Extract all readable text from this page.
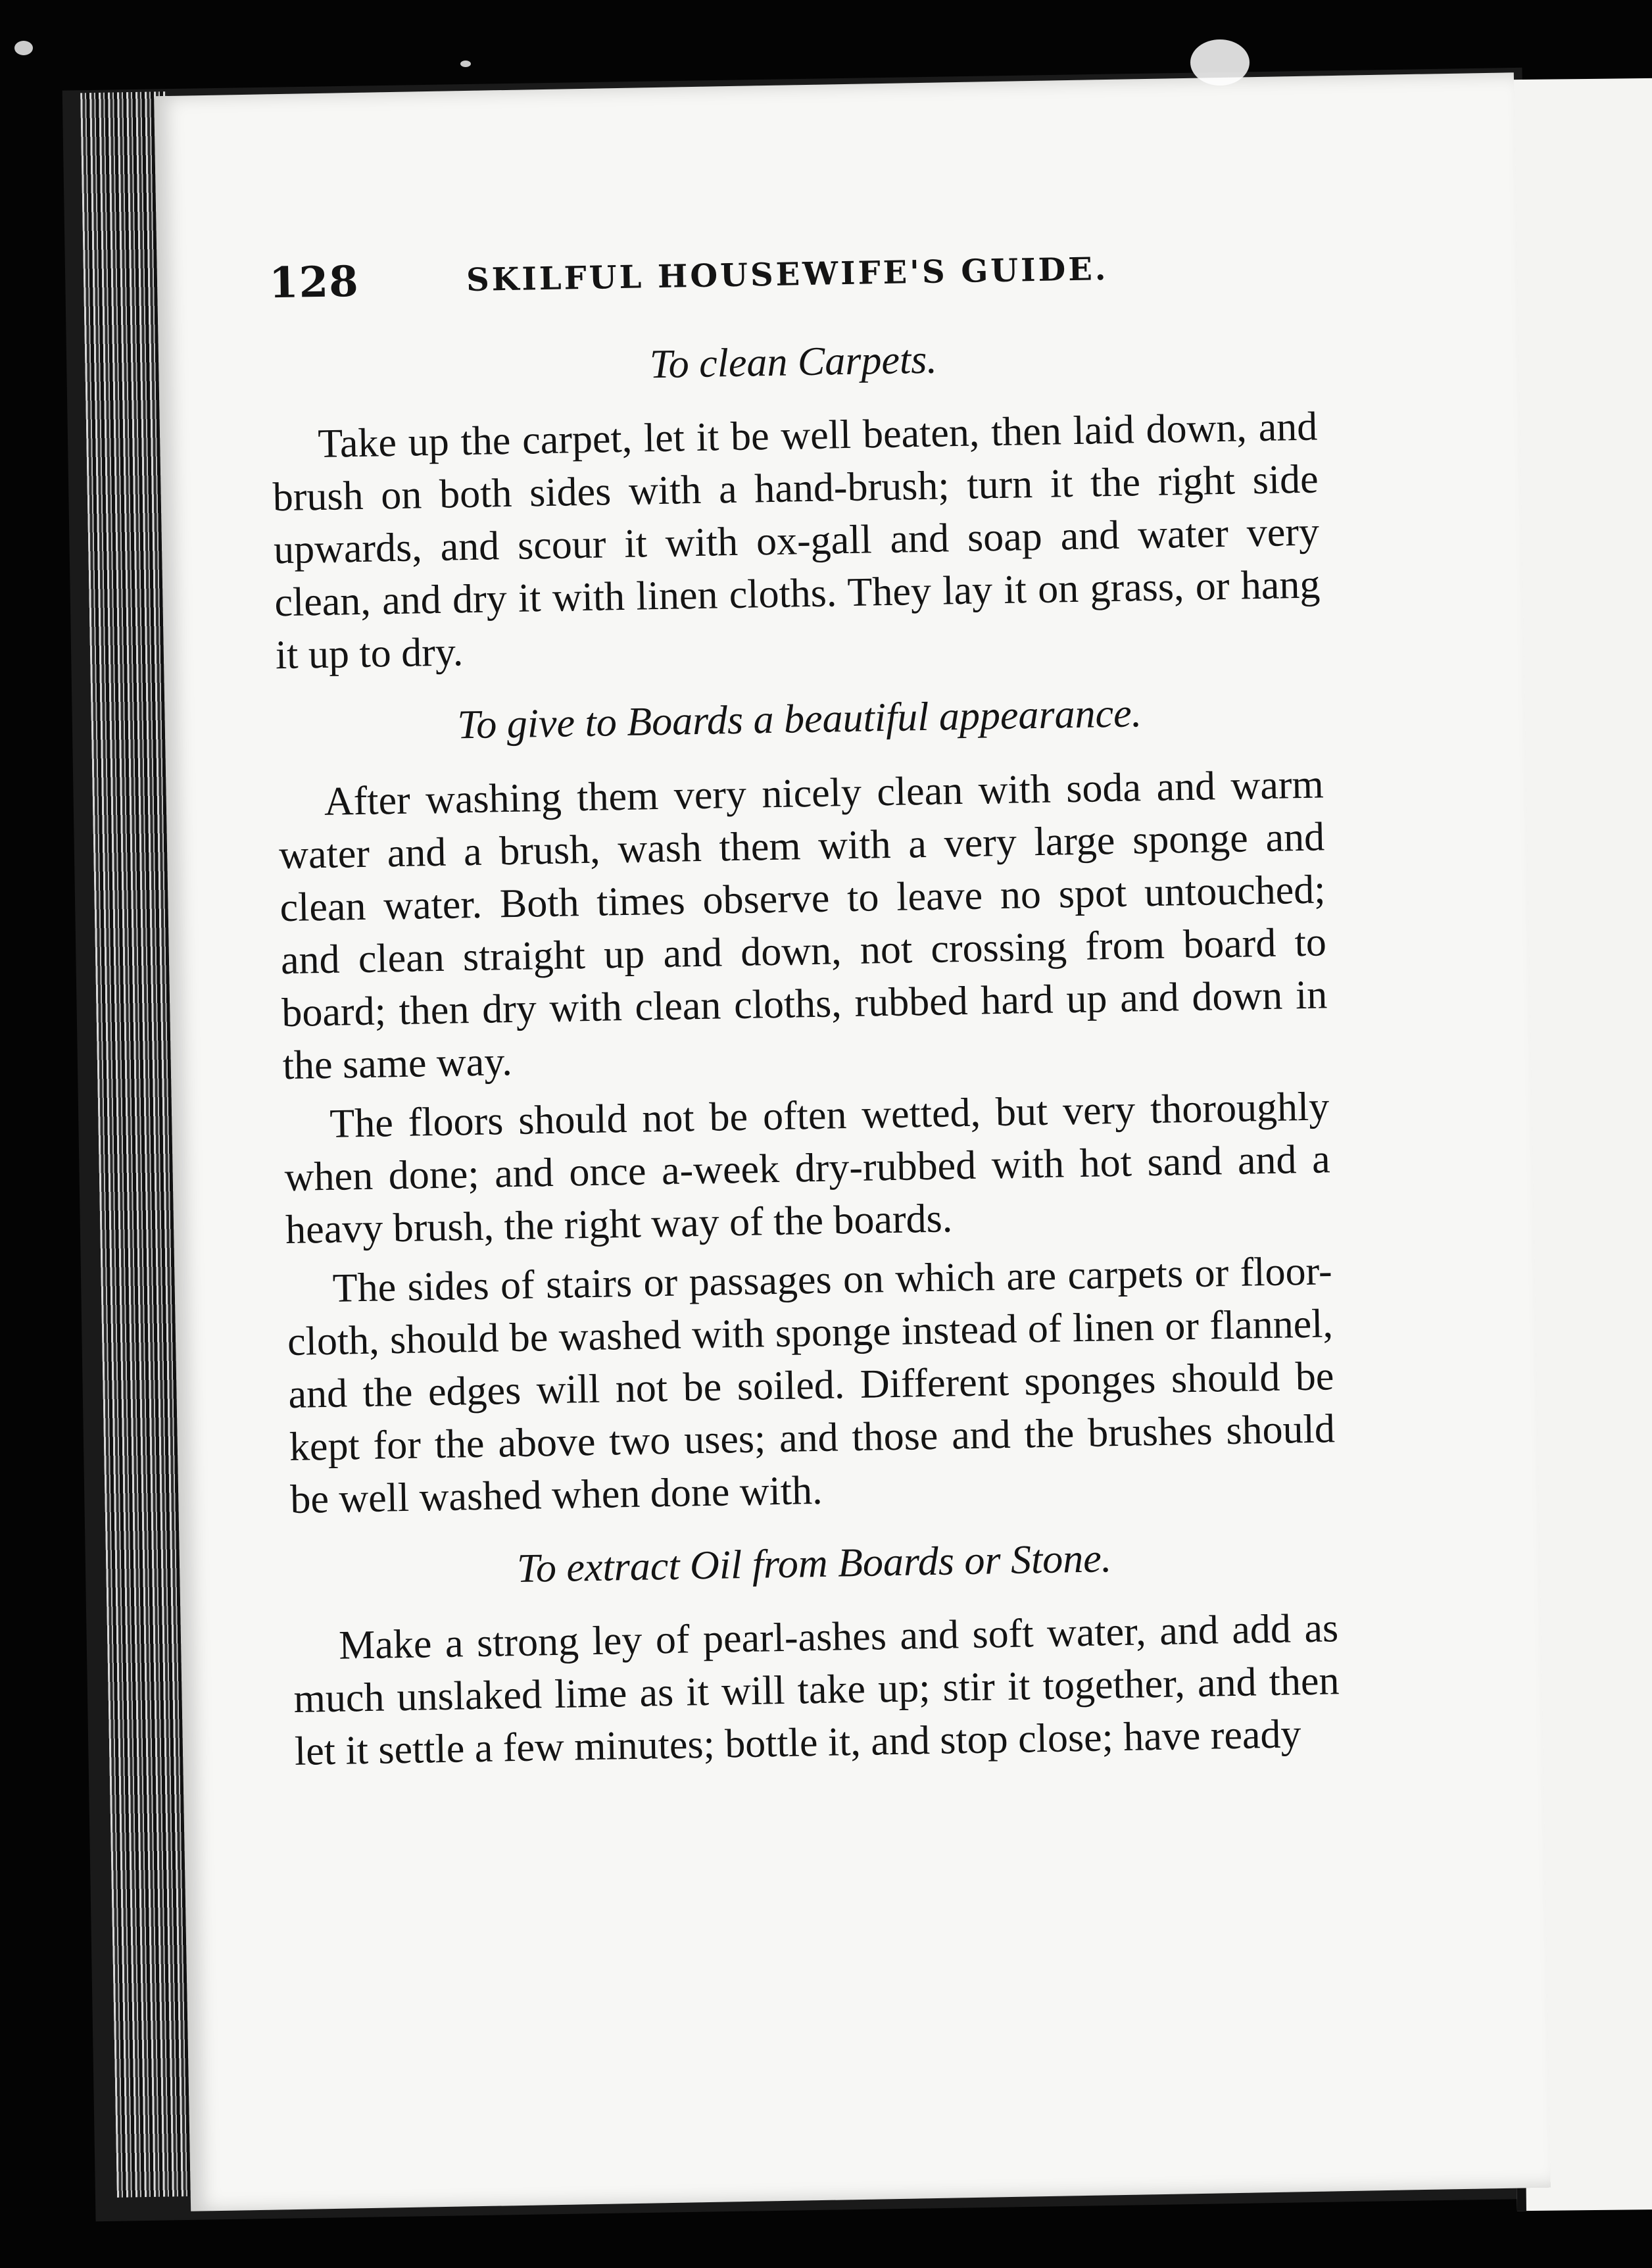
128	SKILFUL HOUSEWIFE'S GUIDE.
To clean Carpets.

Take up the carpet, let it be well beaten, then laid down, and brush on both sides with a hand-brush; turn it the right side upwards, and scour it with ox-gall and soap and water very clean, and dry it with linen cloths. They lay it on grass, or hang it up to dry.

To give to Boards a beautiful appearance.

After washing them very nicely clean with soda and warm water and a brush, wash them with a very large sponge and clean water. Both times observe to leave no spot untouched; and clean straight up and down, not crossing from board to board; then dry with clean cloths, rubbed hard up and down in the same way.

The floors should not be often wetted, but very thoroughly when done; and once a-week dry-rubbed with hot sand and a heavy brush, the right way of the boards.

The sides of stairs or passages on which are carpets or floor-cloth, should be washed with sponge instead of linen or flannel, and the edges will not be soiled. Different sponges should be kept for the above two uses; and those and the brushes should be well washed when done with.

To extract Oil from Boards or Stone.

Make a strong ley of pearl-ashes and soft water, and add as much unslaked lime as it will take up; stir it together, and then let it settle a few minutes; bottle it, and stop close; have ready
